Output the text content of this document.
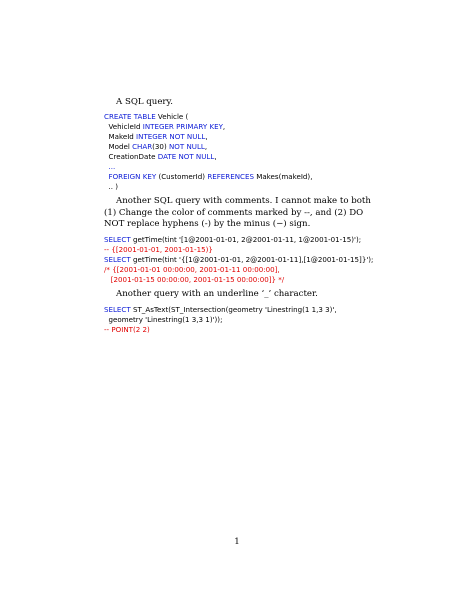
A SQL query.

CREATE TABLE Vehicle (
VehicleId INTEGER PRIMARY KEY,
MakeId INTEGER NOT NULL,
Model CHAR(30) NOT NULL,
CreationDate DATE NOT NULL,
...
FOREIGN KEY (CustomerId) REFERENCES Makes(makeId),
.. )

Another SQL query with comments. I cannot make to both (1) Change the color of comments marked by --, and (2) DO NOT replace hyphens (-) by the minus (−) sign.

SELECT getTime(tint '[1@2001-01-01, 2@2001-01-11, 1@2001-01-15)');
-- {[2001-01-01, 2001-01-15)}
SELECT getTime(tint '{[1@2001-01-01, 2@2001-01-11],[1@2001-01-15]}');
/* {[2001-01-01 00:00:00, 2001-01-11 00:00:00],
[2001-01-15 00:00:00, 2001-01-15 00:00:00]} */

Another query with an underline ‘_’ character.

SELECT ST_AsText(ST_Intersection(geometry 'Linestring(1 1,3 3)',
geometry 'Linestring(1 3,3 1)'));
-- POINT(2 2)
1
